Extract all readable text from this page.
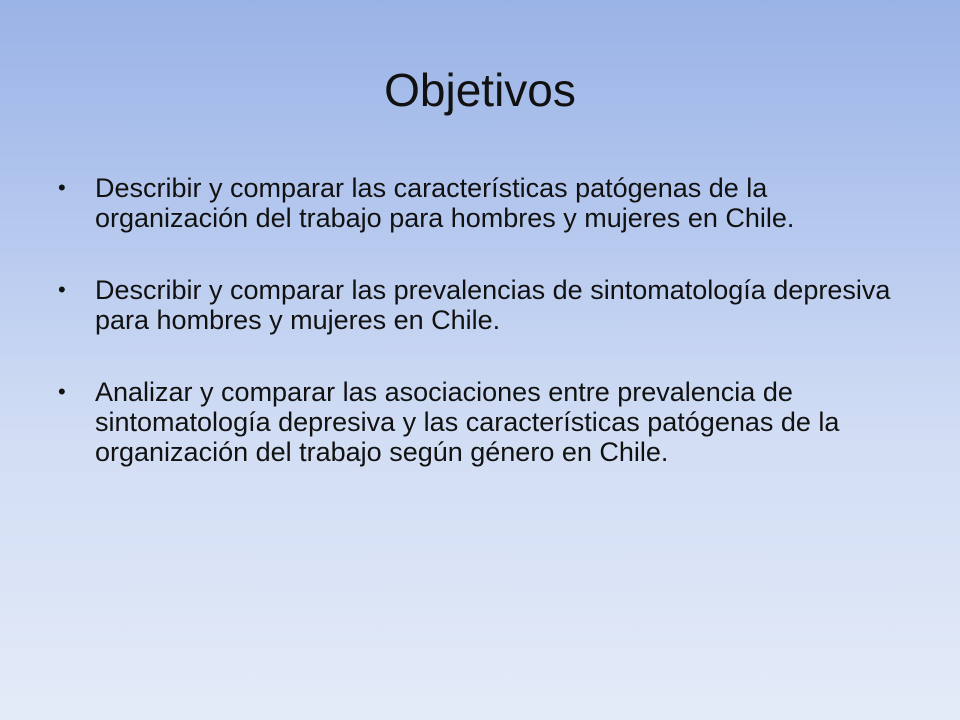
Objetivos
•	Describir y comparar las características patógenas de la organización del trabajo para hombres y mujeres en Chile.
•	Describir y comparar las prevalencias de sintomatología depresiva para hombres y mujeres en Chile.
•	Analizar y comparar las asociaciones entre prevalencia de sintomatología depresiva y las características patógenas de la organización del trabajo según género en Chile.
